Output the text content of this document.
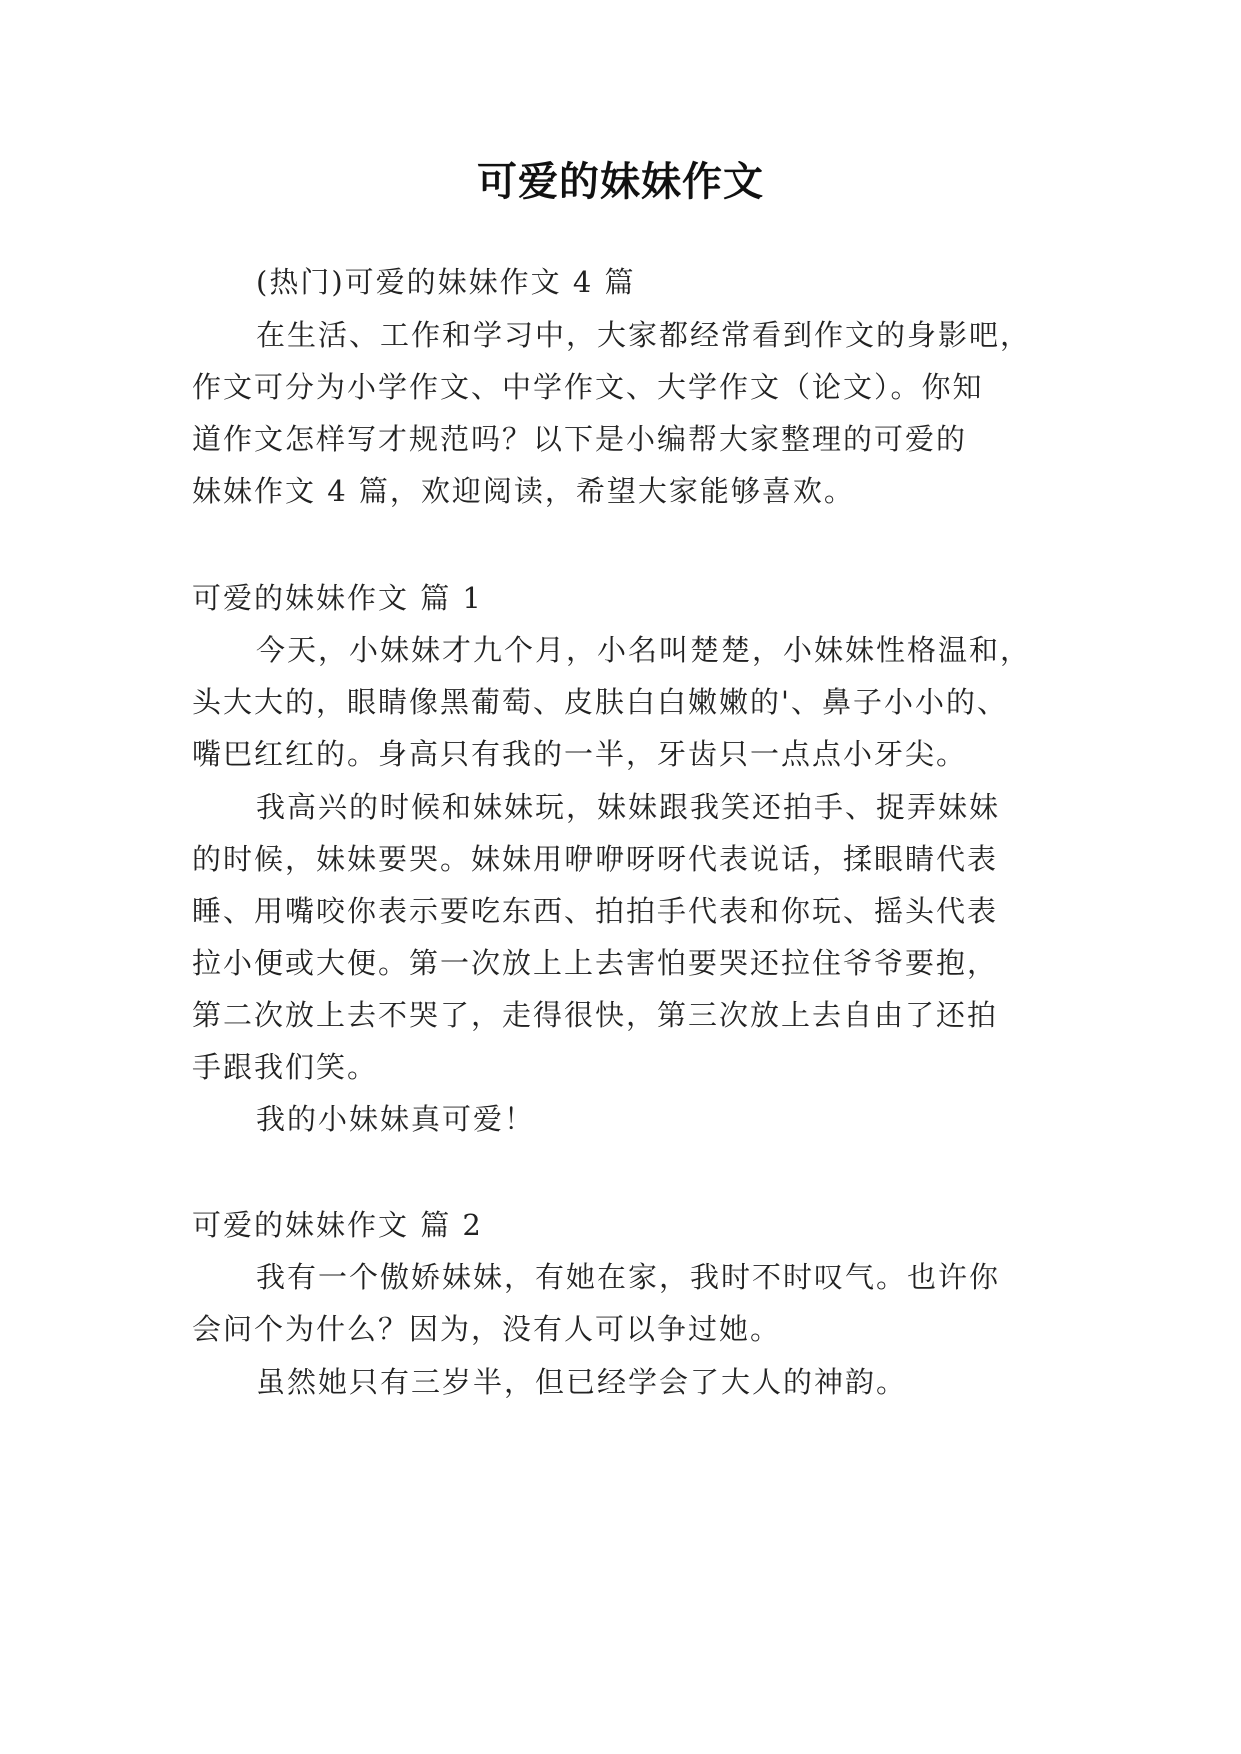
可爱的妹妹作文
(热门)可爱的妹妹作文 4 篇
在生活、工作和学习中，大家都经常看到作文的身影吧，
作文可分为小学作文、中学作文、大学作文（论文）。你知
道作文怎样写才规范吗？以下是小编帮大家整理的可爱的
妹妹作文 4 篇，欢迎阅读，希望大家能够喜欢。
可爱的妹妹作文 篇 1
今天，小妹妹才九个月，小名叫楚楚，小妹妹性格温和，
头大大的，眼睛像黑葡萄、皮肤白白嫩嫩的'、鼻子小小的、
嘴巴红红的。身高只有我的一半，牙齿只一点点小牙尖。
我高兴的时候和妹妹玩，妹妹跟我笑还拍手、捉弄妹妹
的时候，妹妹要哭。妹妹用咿咿呀呀代表说话，揉眼睛代表
睡、用嘴咬你表示要吃东西、拍拍手代表和你玩、摇头代表
拉小便或大便。第一次放上上去害怕要哭还拉住爷爷要抱，
第二次放上去不哭了，走得很快，第三次放上去自由了还拍
手跟我们笑。
我的小妹妹真可爱！
可爱的妹妹作文 篇 2
我有一个傲娇妹妹，有她在家，我时不时叹气。也许你
会问个为什么？因为，没有人可以争过她。
虽然她只有三岁半，但已经学会了大人的神韵。
